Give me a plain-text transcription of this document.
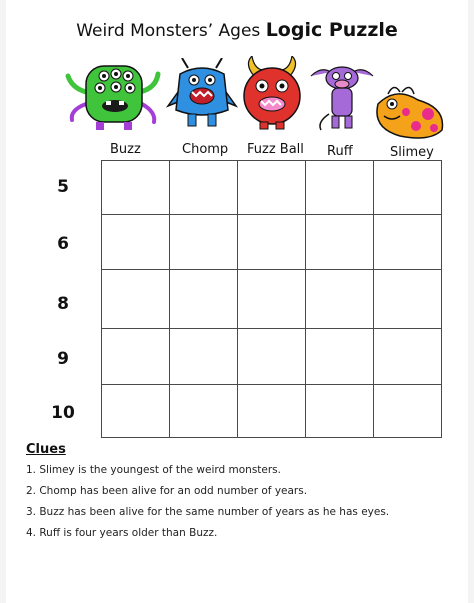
Weird Monsters’ Ages Logic Puzzle
Buzz	Chomp Fuzz Ball Ruff	Slimey
5
6
8
9
10
Clues
1. Slimey is the youngest of the weird monsters.
2. Chomp has been alive for an odd number of years.
3. Buzz has been alive for the same number of years as he has eyes.
4. Ruff is four years older than Buzz.
